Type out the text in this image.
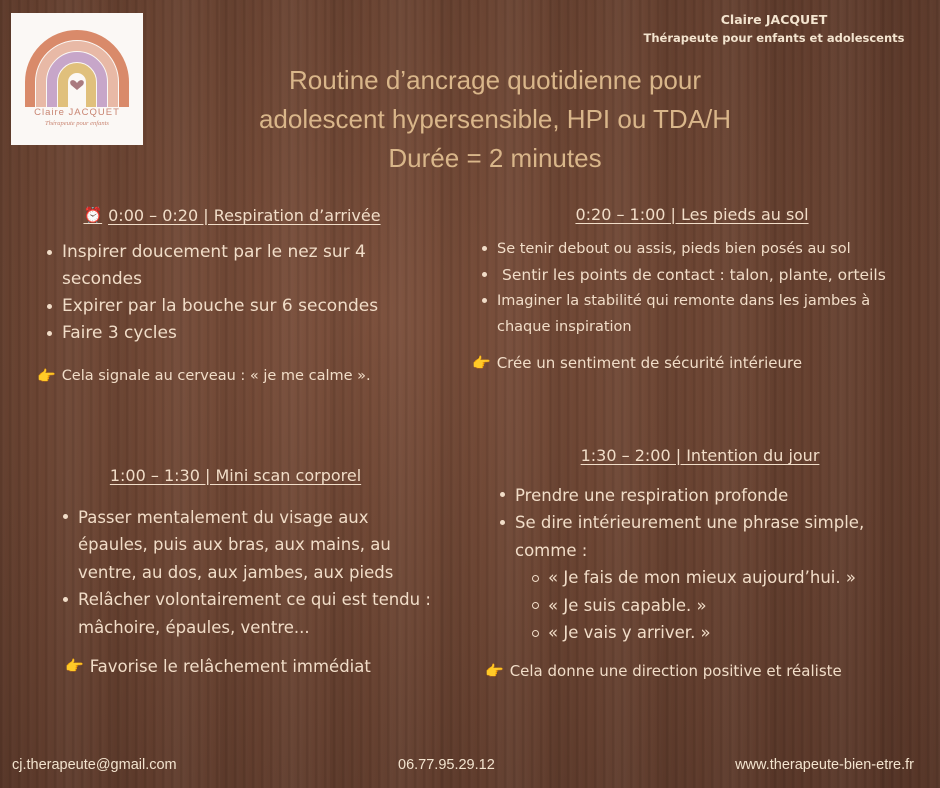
Claire JACQUET
Thérapeute pour enfants
Claire JACQUET
Thérapeute pour enfants et adolescents
Routine d’ancrage quotidienne pour
adolescent hypersensible, HPI ou TDA/H
Durée = 2 minutes
⏰ 0:00 – 0:20 | Respiration d’arrivée
Inspirer doucement par le nez sur 4 secondes
Expirer par la bouche sur 6 secondes
Faire 3 cycles
👉 Cela signale au cerveau : « je me calme ».
0:20 – 1:00 | Les pieds au sol
Se tenir debout ou assis, pieds bien posés au sol
Sentir les points de contact : talon, plante, orteils
Imaginer la stabilité qui remonte dans les jambes à chaque inspiration
👉 Crée un sentiment de sécurité intérieure
1:00 – 1:30 | Mini scan corporel
Passer mentalement du visage aux épaules, puis aux bras, aux mains, au ventre, au dos, aux jambes, aux pieds
Relâcher volontairement ce qui est tendu : mâchoire, épaules, ventre...
👉 Favorise le relâchement immédiat
1:30 – 2:00 | Intention du jour
Prendre une respiration profonde
Se dire intérieurement une phrase simple, comme :
« Je fais de mon mieux aujourd’hui. »
« Je suis capable. »
« Je vais y arriver. »
👉 Cela donne une direction positive et réaliste
cj.therapeute@gmail.com	06.77.95.29.12	www.therapeute-bien-etre.fr
